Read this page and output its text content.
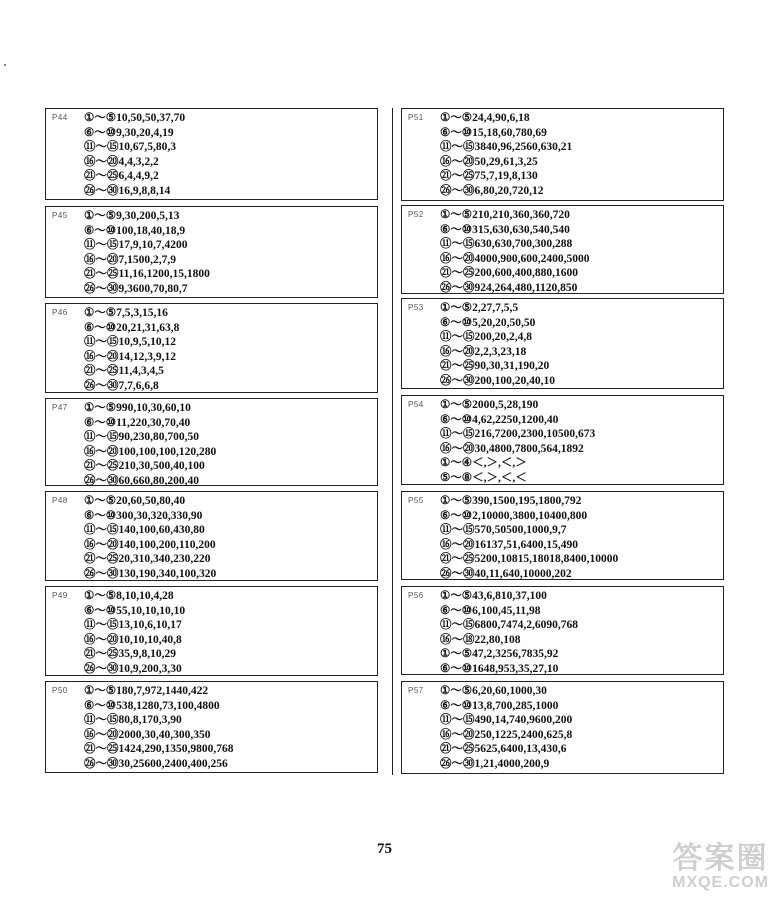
P44 ①～⑤10,50,50,37,70
⑥～⑩9,30,20,4,19
⑪～⑮10,67,5,80,3
⑯～⑳4,4,3,2,2
㉑～㉕6,4,4,9,2
㉖～㉚16,9,8,8,14
P45 ①～⑤9,30,200,5,13
⑥～⑩100,18,40,18,9
⑪～⑮17,9,10,7,4200
⑯～⑳7,1500,2,7,9
㉑～㉕11,16,1200,15,1800
㉖～㉚9,3600,70,80,7
P46 ①～⑤7,5,3,15,16
⑥～⑩20,21,31,63,8
⑪～⑮10,9,5,10,12
⑯～⑳14,12,3,9,12
㉑～㉕11,4,3,4,5
㉖～㉚7,7,6,6,8
P47 ①～⑤990,10,30,60,10
⑥～⑩11,220,30,70,40
⑪～⑮90,230,80,700,50
⑯～⑳100,100,100,120,280
㉑～㉕210,30,500,40,100
㉖～㉚60,660,80,200,40
P48 ①～⑤20,60,50,80,40
⑥～⑩300,30,320,330,90
⑪～⑮140,100,60,430,80
⑯～⑳140,100,200,110,200
㉑～㉕20,310,340,230,220
㉖～㉚130,190,340,100,320
P49 ①～⑤8,10,10,4,28
⑥～⑩55,10,10,10,10
⑪～⑮13,10,6,10,17
⑯～⑳10,10,10,40,8
㉑～㉕35,9,8,10,29
㉖～㉚10,9,200,3,30
P50 ①～⑤180,7,972,1440,422
⑥～⑩538,1280,73,100,4800
⑪～⑮80,8,170,3,90
⑯～⑳2000,30,40,300,350
㉑～㉕1424,290,1350,9800,768
㉖～㉚30,25600,2400,400,256
P51 ①～⑤24,4,90,6,18
⑥～⑩15,18,60,780,69
⑪～⑮3840,96,2560,630,21
⑯～⑳50,29,61,3,25
㉑～㉕75,7,19,8,130
㉖～㉚6,80,20,720,12
P52 ①～⑤210,210,360,360,720
⑥～⑩315,630,630,540,540
⑪～⑮630,630,700,300,288
⑯～⑳4000,900,600,2400,5000
㉑～㉕200,600,400,880,1600
㉖～㉚924,264,480,1120,850
P53 ①～⑤2,27,7,5,5
⑥～⑩5,20,20,50,50
⑪～⑮200,20,2,4,8
⑯～⑳2,2,3,23,18
㉑～㉕90,30,31,190,20
㉖～㉚200,100,20,40,10
P54 ①～⑤2000,5,28,190
⑥～⑩4,62,2250,1200,40
⑪～⑮216,7200,2300,10500,673
⑯～⑳30,4800,7800,564,1892
①～④＜,＞,＜,＞
⑤～⑧＜,＞,＜,＜
P55 ①～⑤390,1500,195,1800,792
⑥～⑩2,10000,3800,10400,800
⑪～⑮570,50500,1000,9,7
⑯～⑳16137,51,6400,15,490
㉑～㉕5200,10815,18018,8400,10000
㉖～㉚40,11,640,10000,202
P56 ①～⑤43,6,810,37,100
⑥～⑩6,100,45,11,98
⑪～⑮6800,7474,2,6090,768
⑯～⑱22,80,108
①～⑤47,2,3256,7835,92
⑥～⑩1648,953,35,27,10
P57 ①～⑤6,20,60,1000,30
⑥～⑩13,8,700,285,1000
⑪～⑮490,14,740,9600,200
⑯～⑳250,1225,2400,625,8
㉑～㉕5625,6400,13,430,6
㉖～㉚1,21,4000,200,9
75	答案圈
MXQE.COM
